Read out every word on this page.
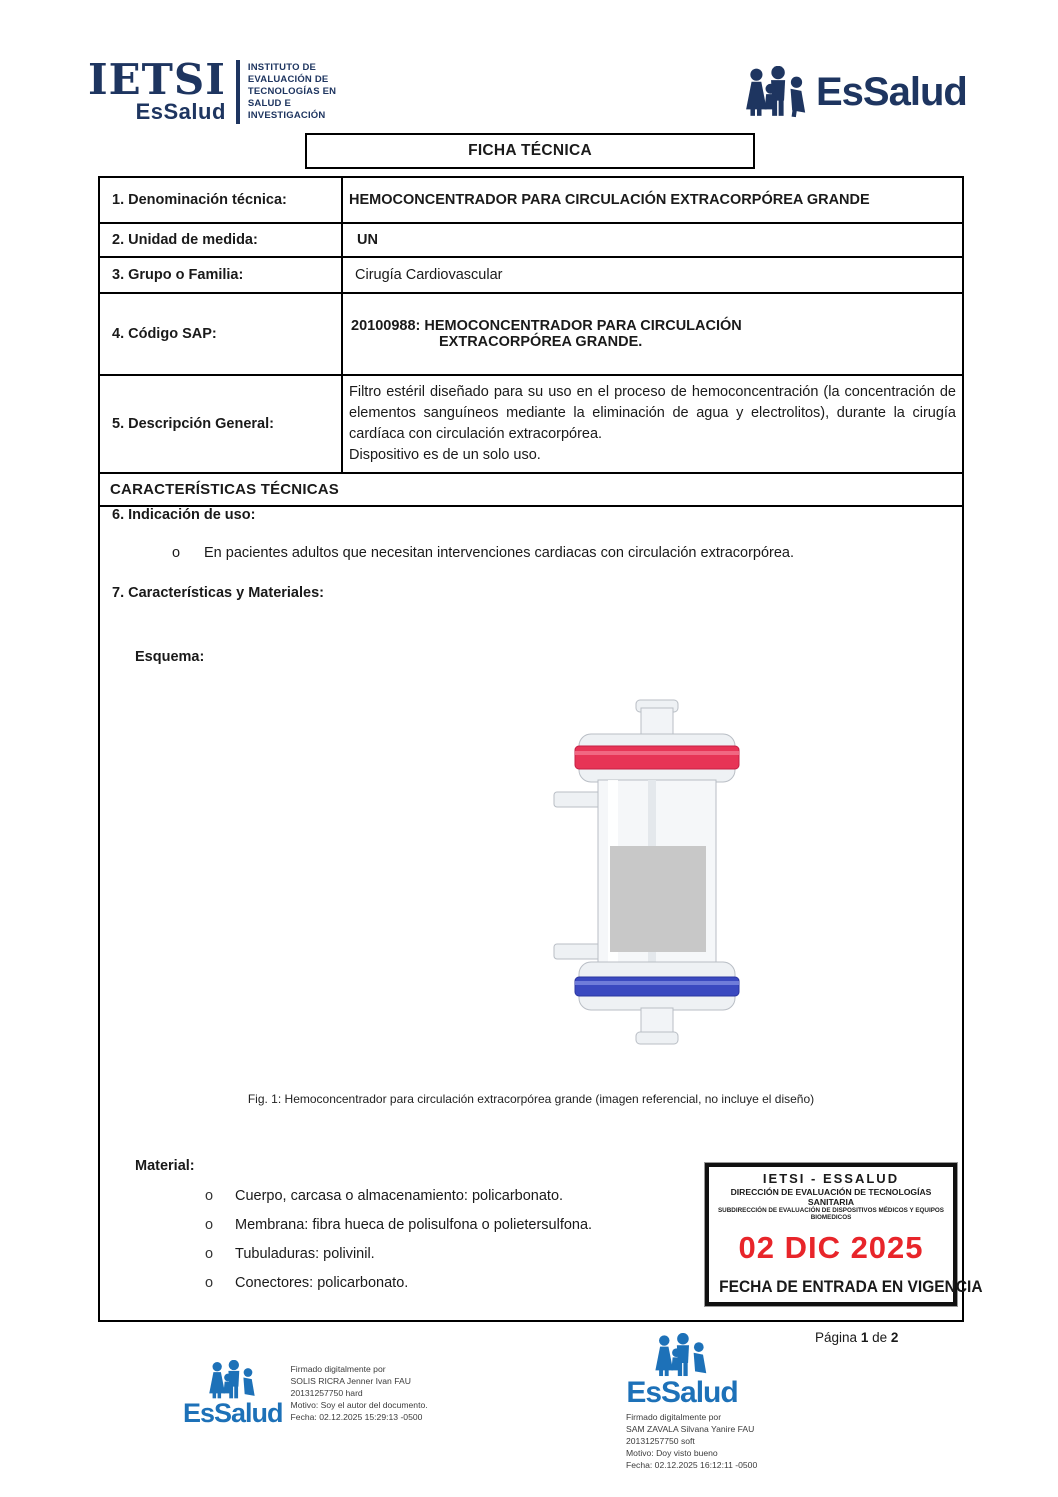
IETSI
EsSalud
INSTITUTO DE
EVALUACIÓN DE
TECNOLOGÍAS EN
SALUD E
INVESTIGACIÓN
EsSalud
FICHA TÉCNICA
1. Denominación técnica:	HEMOCONCENTRADOR PARA CIRCULACIÓN EXTRACORPÓREA GRANDE
2. Unidad de medida:	UN
3. Grupo o Familia:	Cirugía Cardiovascular
4. Código SAP:	20100988: HEMOCONCENTRADOR PARA CIRCULACIÓN
EXTRACORPÓREA GRANDE.
5. Descripción General:
Filtro estéril diseñado para su uso en el proceso de hemoconcentración (la concentración de elementos sanguíneos mediante la eliminación de agua y electrolitos), durante la cirugía cardíaca con circulación extracorpórea.
Dispositivo es de un solo uso.
CARACTERÍSTICAS TÉCNICAS
6. Indicación de uso:
o	En pacientes adultos que necesitan intervenciones cardiacas con circulación extracorpórea.
7. Características y Materiales:
Esquema:
Fig. 1: Hemoconcentrador para circulación extracorpórea grande (imagen referencial, no incluye el diseño)
Material:
o	Cuerpo, carcasa o almacenamiento: policarbonato.
o	Membrana: fibra hueca de polisulfona o polietersulfona.
o	Tubuladuras: polivinil.
o	Conectores: policarbonato.
IETSI - ESSALUD
DIRECCIÓN DE EVALUACIÓN DE TECNOLOGÍAS SANITARIA
SUBDIRECCIÓN DE EVALUACIÓN DE DISPOSITIVOS MÉDICOS Y EQUIPOS BIOMEDICOS
02 DIC 2025
FECHA DE ENTRADA EN VIGENCIA
Página 1 de 2
EsSalud
Firmado digitalmente por
SOLIS RICRA Jenner Ivan FAU
20131257750 hard
Motivo: Soy el autor del documento.
Fecha: 02.12.2025 15:29:13 -0500
EsSalud
Firmado digitalmente por
SAM ZAVALA Silvana Yanire FAU
20131257750 soft
Motivo: Doy visto bueno
Fecha: 02.12.2025 16:12:11 -0500
